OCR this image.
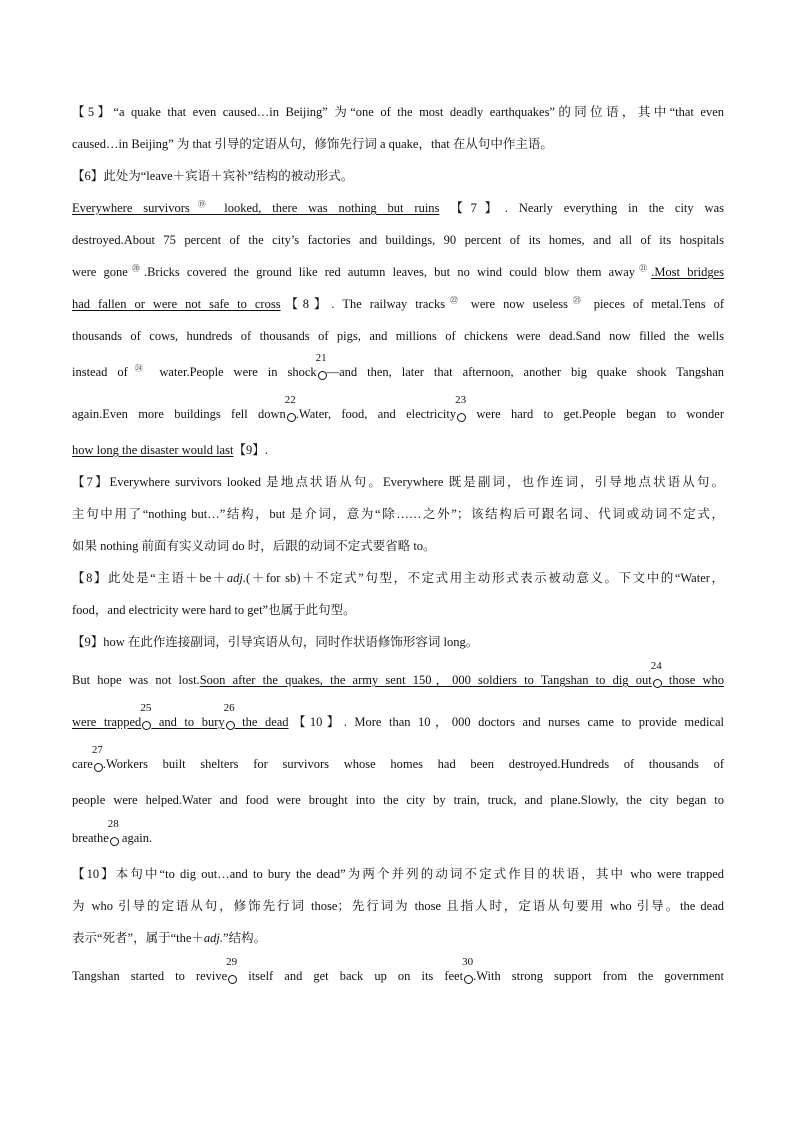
【5】“a quake that even caused…in Beijing” 为“one of the most deadly earthquakes”的同位语，其中“that even
caused…in Beijing” 为 that 引导的定语从句，修饰先行词 a quake，that 在从句中作主语。
【6】此处为“leave＋宾语＋宾补”结构的被动形式。
Everywhere survivors⑲ looked, there was nothing but ruins 【7】. Nearly everything in the city was
destroyed.About 75 percent of the city’s factories and buildings, 90 percent of its homes, and all of its hospitals
were gone⑳.Bricks covered the ground like red autumn leaves, but no wind could blow them away$^㉑$.Most bridges
had fallen or were not safe to cross【8】. The railway tracks$^㉒$ were now useless$^㉓$ pieces of metal.Tens of
thousands of cows, hundreds of thousands of pigs, and millions of chickens were dead.Sand now filled the wells
instead $of^㉔$ water.People were in shock
21
—and then, later that afternoon, another big quake shook Tangshan
again.Even more buildings fell down
22
.Water, food, and electricity
23
were hard to get.People began to wonder
how long the disaster would last【9】.
【7】Everywhere survivors looked 是地点状语从句。Everywhere 既是副词，也作连词，引导地点状语从句。
主句中用了“nothing but…”结构，but 是介词，意为“除……之外”；该结构后可跟名词、代词或动词不定式，
如果 nothing 前面有实义动词 do 时，后跟的动词不定式要省略 to。
【8】此处是“主语＋be＋adj.(＋for sb)＋不定式”句型，不定式用主动形式表示被动意义。下文中的“Water，
food，and electricity were hard to get”也属于此句型。
【9】how 在此作连接副词，引导宾语从句，同时作状语修饰形容词 long。
But hope was not lost.Soon after the quakes, the army sent 150，000 soldiers to Tangshan to dig out
24
those who
were trapped
25
and to bury
26
the dead【10】. More than 10，000 doctors and nurses came to provide medical
care
27
.Workers built shelters for survivors whose homes had been destroyed.Hundreds of thousands of
people were helped.Water and food were brought into the city by train, truck, and plane.Slowly, the city began to
breathe
28
again.
【10】本句中“to dig out…and to bury the dead”为两个并列的动词不定式作目的状语，其中 who were trapped
为 who 引导的定语从句，修饰先行词 those；先行词为 those 且指人时，定语从句要用 who 引导。the dead
表示“死者”，属于“the＋adj.”结构。
Tangshan started to revive
29
itself and get back up on its feet
30
.With strong support from the government
